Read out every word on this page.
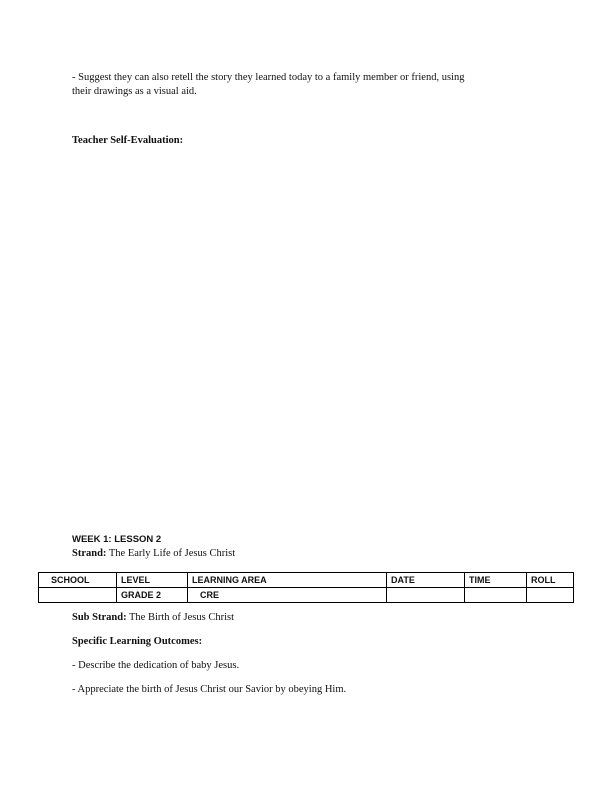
- Suggest they can also retell the story they learned today to a family member or friend, using
their drawings as a visual aid.
Teacher Self-Evaluation:
WEEK 1: LESSON 2
Strand: The Early Life of Jesus Christ
SCHOOL	LEVEL	LEARNING AREA	DATE	TIME	ROLL
	GRADE 2	CRE			
Sub Strand: The Birth of Jesus Christ
Specific Learning Outcomes:
- Describe the dedication of baby Jesus.
- Appreciate the birth of Jesus Christ our Savior by obeying Him.
